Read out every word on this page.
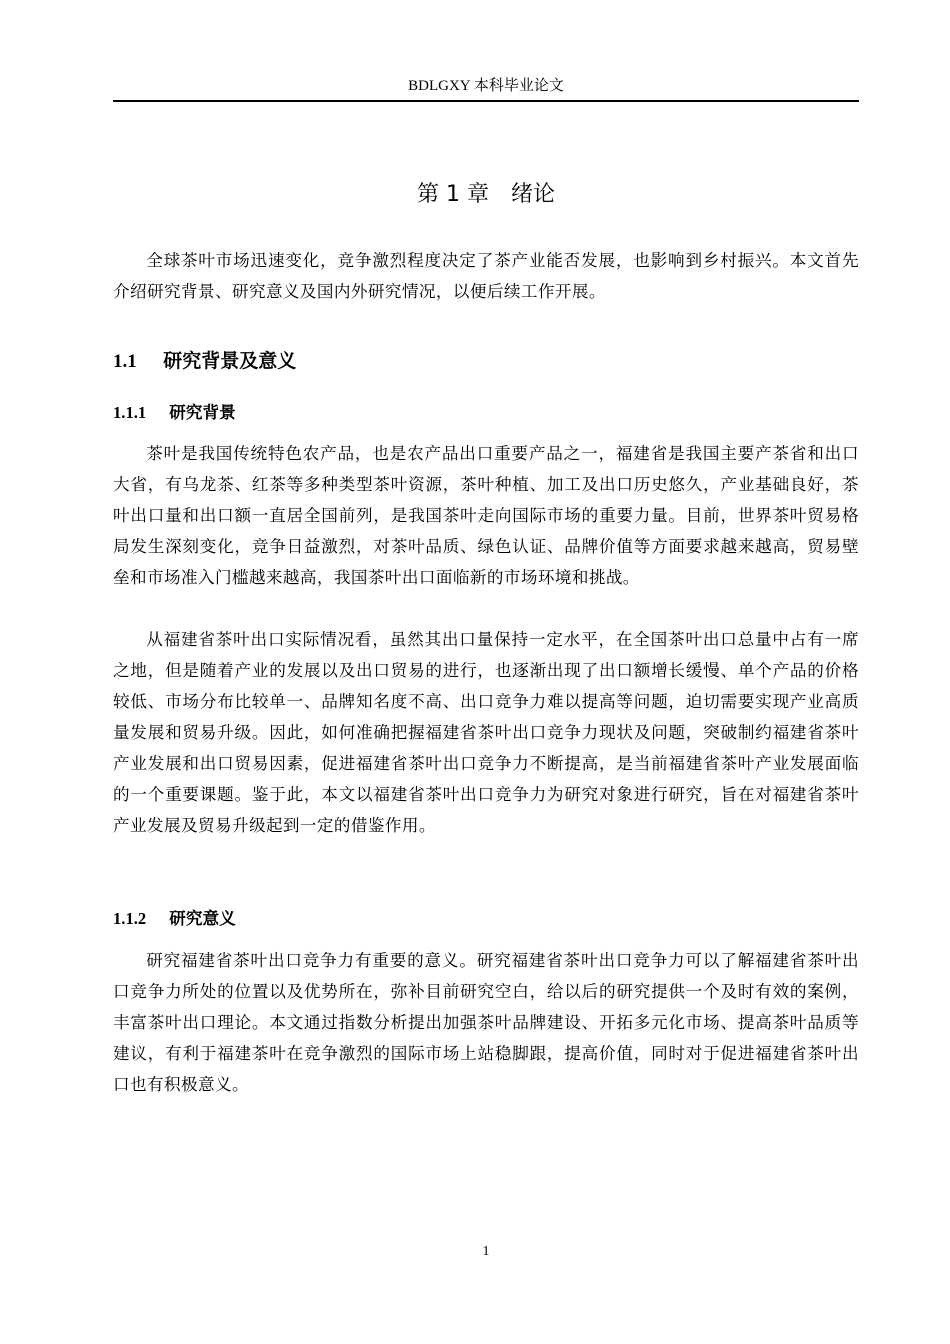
BDLGXY 本科毕业论文
第 1 章　绪论

全球茶叶市场迅速变化，竞争激烈程度决定了茶产业能否发展，也影响到乡村振兴。本文首先介绍研究背景、研究意义及国内外研究情况，以便后续工作开展。

1.1 研究背景及意义
1.1.1 研究背景

茶叶是我国传统特色农产品，也是农产品出口重要产品之一，福建省是我国主要产茶省和出口大省，有乌龙茶、红茶等多种类型茶叶资源，茶叶种植、加工及出口历史悠久，产业基础良好，茶叶出口量和出口额一直居全国前列，是我国茶叶走向国际市场的重要力量。目前，世界茶叶贸易格局发生深刻变化，竞争日益激烈，对茶叶品质、绿色认证、品牌价值等方面要求越来越高，贸易壁垒和市场准入门槛越来越高，我国茶叶出口面临新的市场环境和挑战。

从福建省茶叶出口实际情况看，虽然其出口量保持一定水平，在全国茶叶出口总量中占有一席之地，但是随着产业的发展以及出口贸易的进行，也逐渐出现了出口额增长缓慢、单个产品的价格较低、市场分布比较单一、品牌知名度不高、出口竞争力难以提高等问题，迫切需要实现产业高质量发展和贸易升级。因此，如何准确把握福建省茶叶出口竞争力现状及问题，突破制约福建省茶叶产业发展和出口贸易因素，促进福建省茶叶出口竞争力不断提高，是当前福建省茶叶产业发展面临的一个重要课题。鉴于此，本文以福建省茶叶出口竞争力为研究对象进行研究，旨在对福建省茶叶产业发展及贸易升级起到一定的借鉴作用。

1.1.2 研究意义

研究福建省茶叶出口竞争力有重要的意义。研究福建省茶叶出口竞争力可以了解福建省茶叶出口竞争力所处的位置以及优势所在，弥补目前研究空白，给以后的研究提供一个及时有效的案例，丰富茶叶出口理论。本文通过指数分析提出加强茶叶品牌建设、开拓多元化市场、提高茶叶品质等建议，有利于福建茶叶在竞争激烈的国际市场上站稳脚跟，提高价值，同时对于促进福建省茶叶出口也有积极意义。

1
